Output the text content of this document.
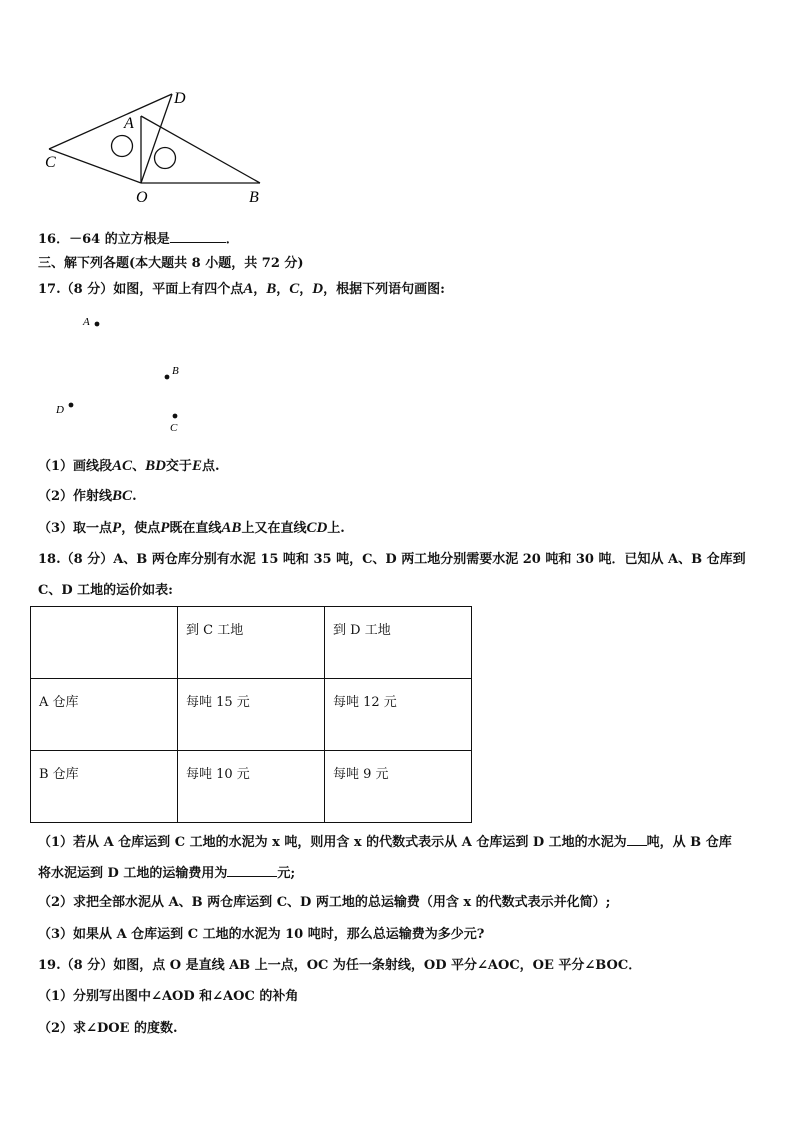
D
A
C
O	B
16．－64 的立方根是	．
三、解下列各题(本大题共 8 小题，共 72 分)
17.（8 分）如图，平面上有四个点A，B，C，D，根据下列语句画图:
A
B
D
C
（1）画线段AC、BD交于E点.
（2）作射线BC.
（3）取一点P，使点P既在直线AB上又在直线CD上.
18.（8 分）A、B 两仓库分别有水泥 15 吨和 35 吨，C、D 两工地分别需要水泥 20 吨和 30 吨．已知从 A、B 仓库到
C、D 工地的运价如表:
	到 C 工地	到 D 工地
A 仓库	每吨 15 元	每吨 12 元
B 仓库	每吨 10 元	每吨 9 元
（1）若从 A 仓库运到 C 工地的水泥为 x 吨，则用含 x 的代数式表示从 A 仓库运到 D 工地的水泥为 吨，从 B 仓库
将水泥运到 D 工地的运输费用为	元;
（2）求把全部水泥从 A、B 两仓库运到 C、D 两工地的总运输费（用含 x 的代数式表示并化简）;
（3）如果从 A 仓库运到 C 工地的水泥为 10 吨时，那么总运输费为多少元?
19.（8 分）如图，点 O 是直线 AB 上一点，OC 为任一条射线，OD 平分∠AOC，OE 平分∠BOC．
（1）分别写出图中∠AOD 和∠AOC 的补角
（2）求∠DOE 的度数.
